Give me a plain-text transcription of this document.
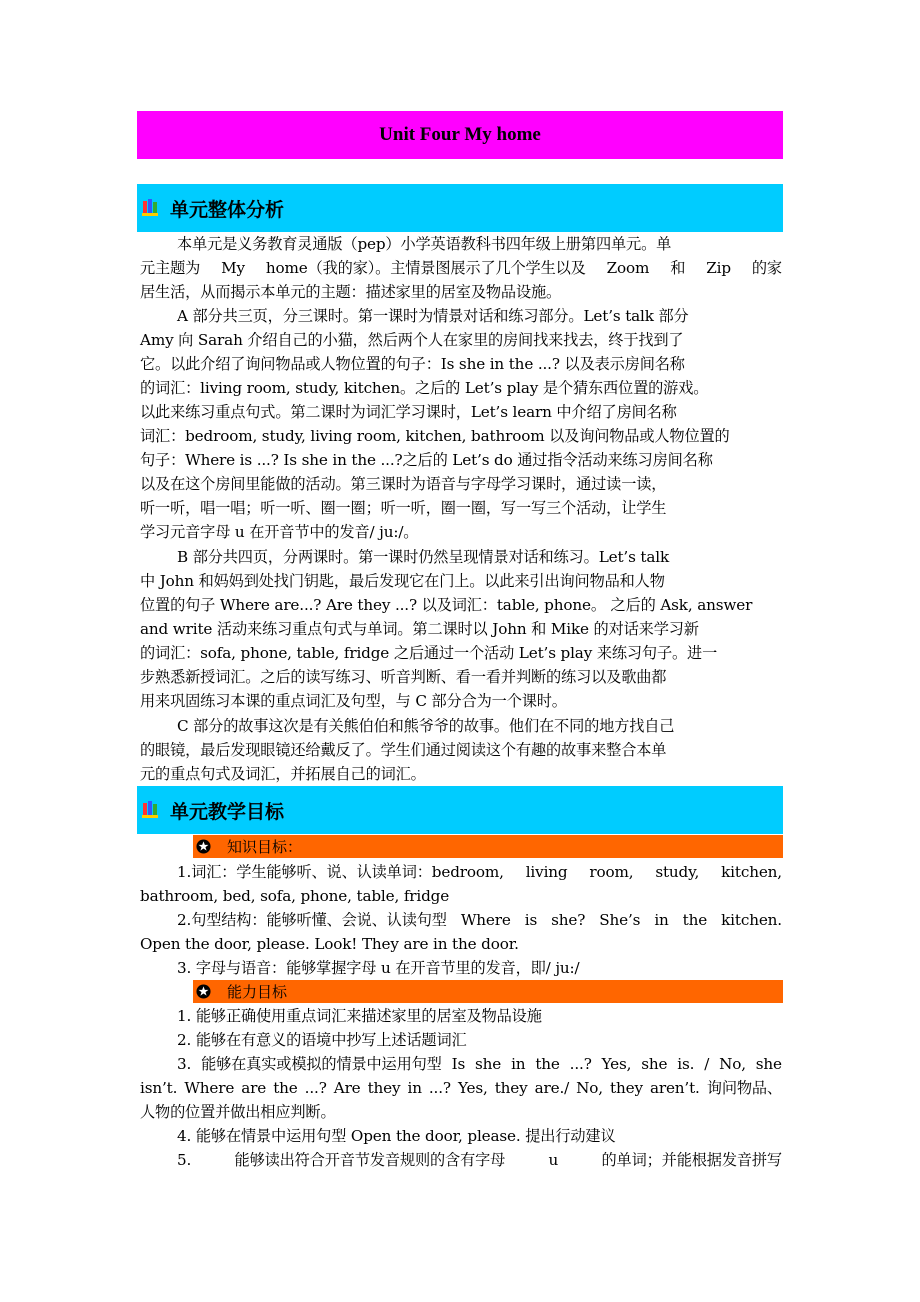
Unit Four My home
单元整体分析
本单元是义务教育灵通版（pep）小学英语教科书四年级上册第四单元。单
元主题为 My home（我的家）。主情景图展示了几个学生以及 Zoom 和 Zip 的家
居生活，从而揭示本单元的主题：描述家里的居室及物品设施。
A 部分共三页，分三课时。第一课时为情景对话和练习部分。Let’s talk 部分
Amy 向 Sarah 介绍自己的小猫，然后两个人在家里的房间找来找去，终于找到了
它。以此介绍了询问物品或人物位置的句子：Is she in the ...? 以及表示房间名称
的词汇：living room, study, kitchen。之后的 Let’s play 是个猜东西位置的游戏。
以此来练习重点句式。第二课时为词汇学习课时，Let’s learn 中介绍了房间名称
词汇：bedroom, study, living room, kitchen, bathroom 以及询问物品或人物位置的
句子：Where is ...? Is she in the ...?之后的 Let’s do 通过指令活动来练习房间名称
以及在这个房间里能做的活动。第三课时为语音与字母学习课时，通过读一读，
听一听，唱一唱；听一听、圈一圈；听一听，圈一圈，写一写三个活动，让学生
学习元音字母 u 在开音节中的发音/ ju:/。
B 部分共四页，分两课时。第一课时仍然呈现情景对话和练习。Let’s talk
中 John 和妈妈到处找门钥匙，最后发现它在门上。以此来引出询问物品和人物
位置的句子 Where are...? Are they ...? 以及词汇：table, phone。 之后的 Ask, answer
and write 活动来练习重点句式与单词。第二课时以 John 和 Mike 的对话来学习新
的词汇：sofa, phone, table, fridge 之后通过一个活动 Let’s play 来练习句子。进一
步熟悉新授词汇。之后的读写练习、听音判断、看一看并判断的练习以及歌曲都
用来巩固练习本课的重点词汇及句型，与 C 部分合为一个课时。
C 部分的故事这次是有关熊伯伯和熊爷爷的故事。他们在不同的地方找自己
的眼镜，最后发现眼镜还给戴反了。学生们通过阅读这个有趣的故事来整合本单
元的重点句式及词汇，并拓展自己的词汇。
单元教学目标
知识目标：
1.词汇：学生能够听、说、认读单词：bedroom, living room, study, kitchen,
bathroom, bed, sofa, phone, table, fridge
2.句型结构：能够听懂、会说、认读句型 Where is she? She’s in the kitchen.
Open the door, please. Look! They are in the door.
3. 字母与语音：能够掌握字母 u 在开音节里的发音，即/ ju:/
能力目标
1. 能够正确使用重点词汇来描述家里的居室及物品设施
2. 能够在有意义的语境中抄写上述话题词汇
3. 能够在真实或模拟的情景中运用句型 Is she in the ...? Yes, she is. / No, she
isn’t. Where are the ...? Are they in ...? Yes, they are./ No, they aren’t. 询问物品、
人物的位置并做出相应判断。
4. 能够在情景中运用句型 Open the door, please. 提出行动建议
5.	能够读出符合开音节发音规则的含有字母	u	的单词；并能根据发音拼写
